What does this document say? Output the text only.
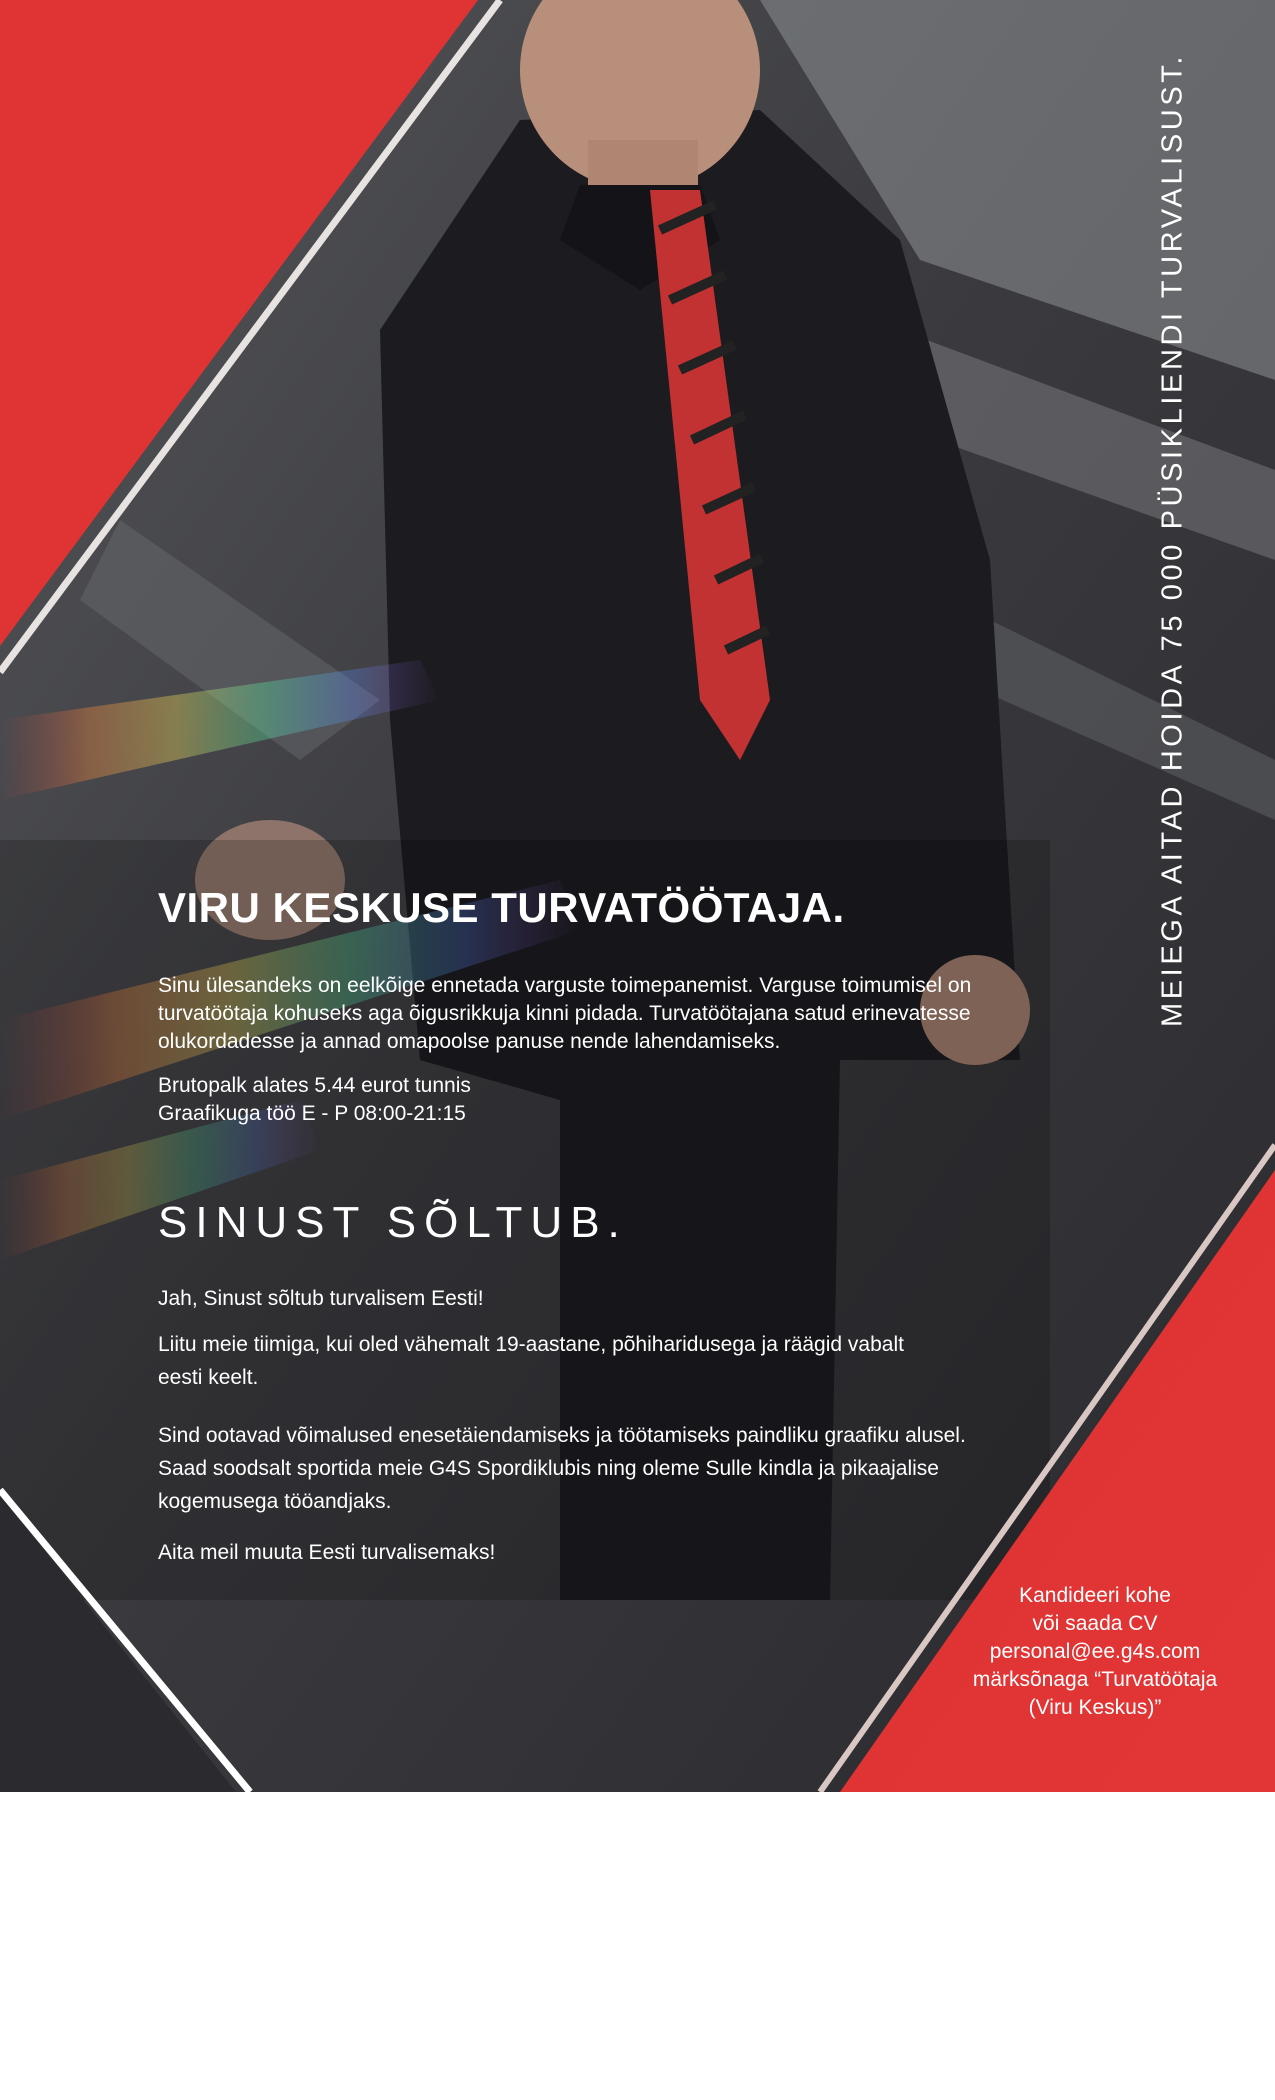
VIRU KESKUSE TURVATÖÖTAJA.
Sinu ülesandeks on eelkõige ennetada varguste toimepanemist. Varguse toimumisel on turvatöötaja kohuseks aga õigusrikkuja kinni pidada. Turvatöötajana satud erinevatesse olukordadesse ja annad omapoolse panuse nende lahendamiseks.
Brutopalk alates 5.44 eurot tunnis
Graafikuga töö E - P 08:00-21:15
SINUST SÕLTUB.
Jah, Sinust sõltub turvalisem Eesti!
Liitu meie tiimiga, kui oled vähemalt 19-aastane, põhiharidusega ja räägid vabalt eesti keelt.
Sind ootavad võimalused enesetäiendamiseks ja töötamiseks paindliku graafiku alusel. Saad soodsalt sportida meie G4S Spordiklubis ning oleme Sulle kindla ja pikaajalise kogemusega tööandjaks.
Aita meil muuta Eesti turvalisemaks!
MEIEGA AITAD HOIDA 75 000 PÜSIKLIENDI TURVALISUST.
Kandideeri kohe
või saada CV
personal@ee.g4s.com
märksõnaga “Turvatöötaja
(Viru Keskus)”
